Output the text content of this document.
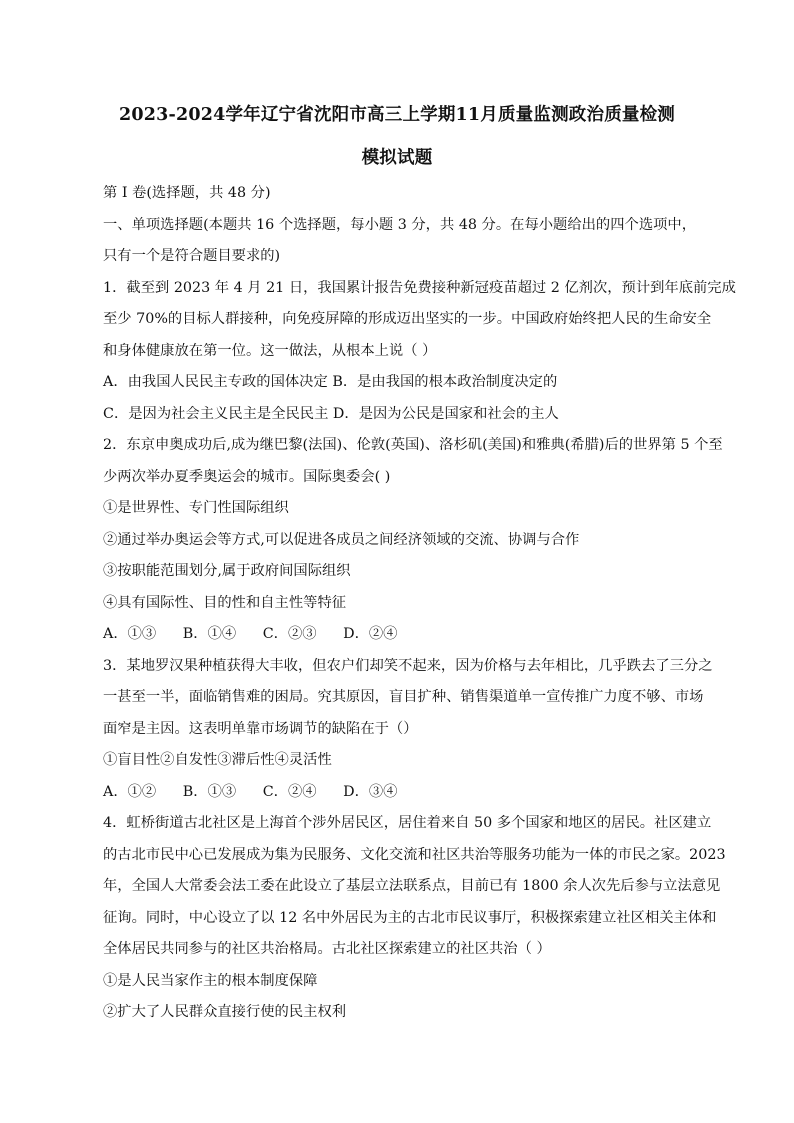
2023-2024学年辽宁省沈阳市高三上学期11月质量监测政治质量检测
模拟试题
第 I 卷(选择题，共 48 分)
一、单项选择题(本题共 16 个选择题，每小题 3 分，共 48 分。在每小题给出的四个选项中，
只有一个是符合题目要求的)
1．截至到 2023 年 4 月 21 日，我国累计报告免费接种新冠疫苗超过 2 亿剂次，预计到年底前完成
至少 70%的目标人群接种，向免疫屏障的形成迈出坚实的一步。中国政府始终把人民的生命安全
和身体健康放在第一位。这一做法，从根本上说（ ）
A．由我国人民民主专政的国体决定 B．是由我国的根本政治制度决定的
C．是因为社会主义民主是全民民主 D．是因为公民是国家和社会的主人
2．东京申奥成功后,成为继巴黎(法国)、伦敦(英国)、洛杉矶(美国)和雅典(希腊)后的世界第 5 个至
少两次举办夏季奥运会的城市。国际奥委会( )
①是世界性、专门性国际组织
②通过举办奥运会等方式,可以促进各成员之间经济领域的交流、协调与合作
③按职能范围划分,属于政府间国际组织
④具有国际性、目的性和自主性等特征
A．①③ B．①④ C．②③ D．②④
3．某地罗汉果种植获得大丰收，但农户们却笑不起来，因为价格与去年相比，几乎跌去了三分之
一甚至一半，面临销售难的困局。究其原因，盲目扩种、销售渠道单一宣传推广力度不够、市场
面窄是主因。这表明单靠市场调节的缺陷在于（）
①盲目性②自发性③滞后性④灵活性
A．①② B．①③ C．②④ D．③④
4．虹桥街道古北社区是上海首个涉外居民区，居住着来自 50 多个国家和地区的居民。社区建立
的古北市民中心已发展成为集为民服务、文化交流和社区共治等服务功能为一体的市民之家。2023
年，全国人大常委会法工委在此设立了基层立法联系点，目前已有 1800 余人次先后参与立法意见
征询。同时，中心设立了以 12 名中外居民为主的古北市民议事厅，积极探索建立社区相关主体和
全体居民共同参与的社区共治格局。古北社区探索建立的社区共治（ ）
①是人民当家作主的根本制度保障
②扩大了人民群众直接行使的民主权利
